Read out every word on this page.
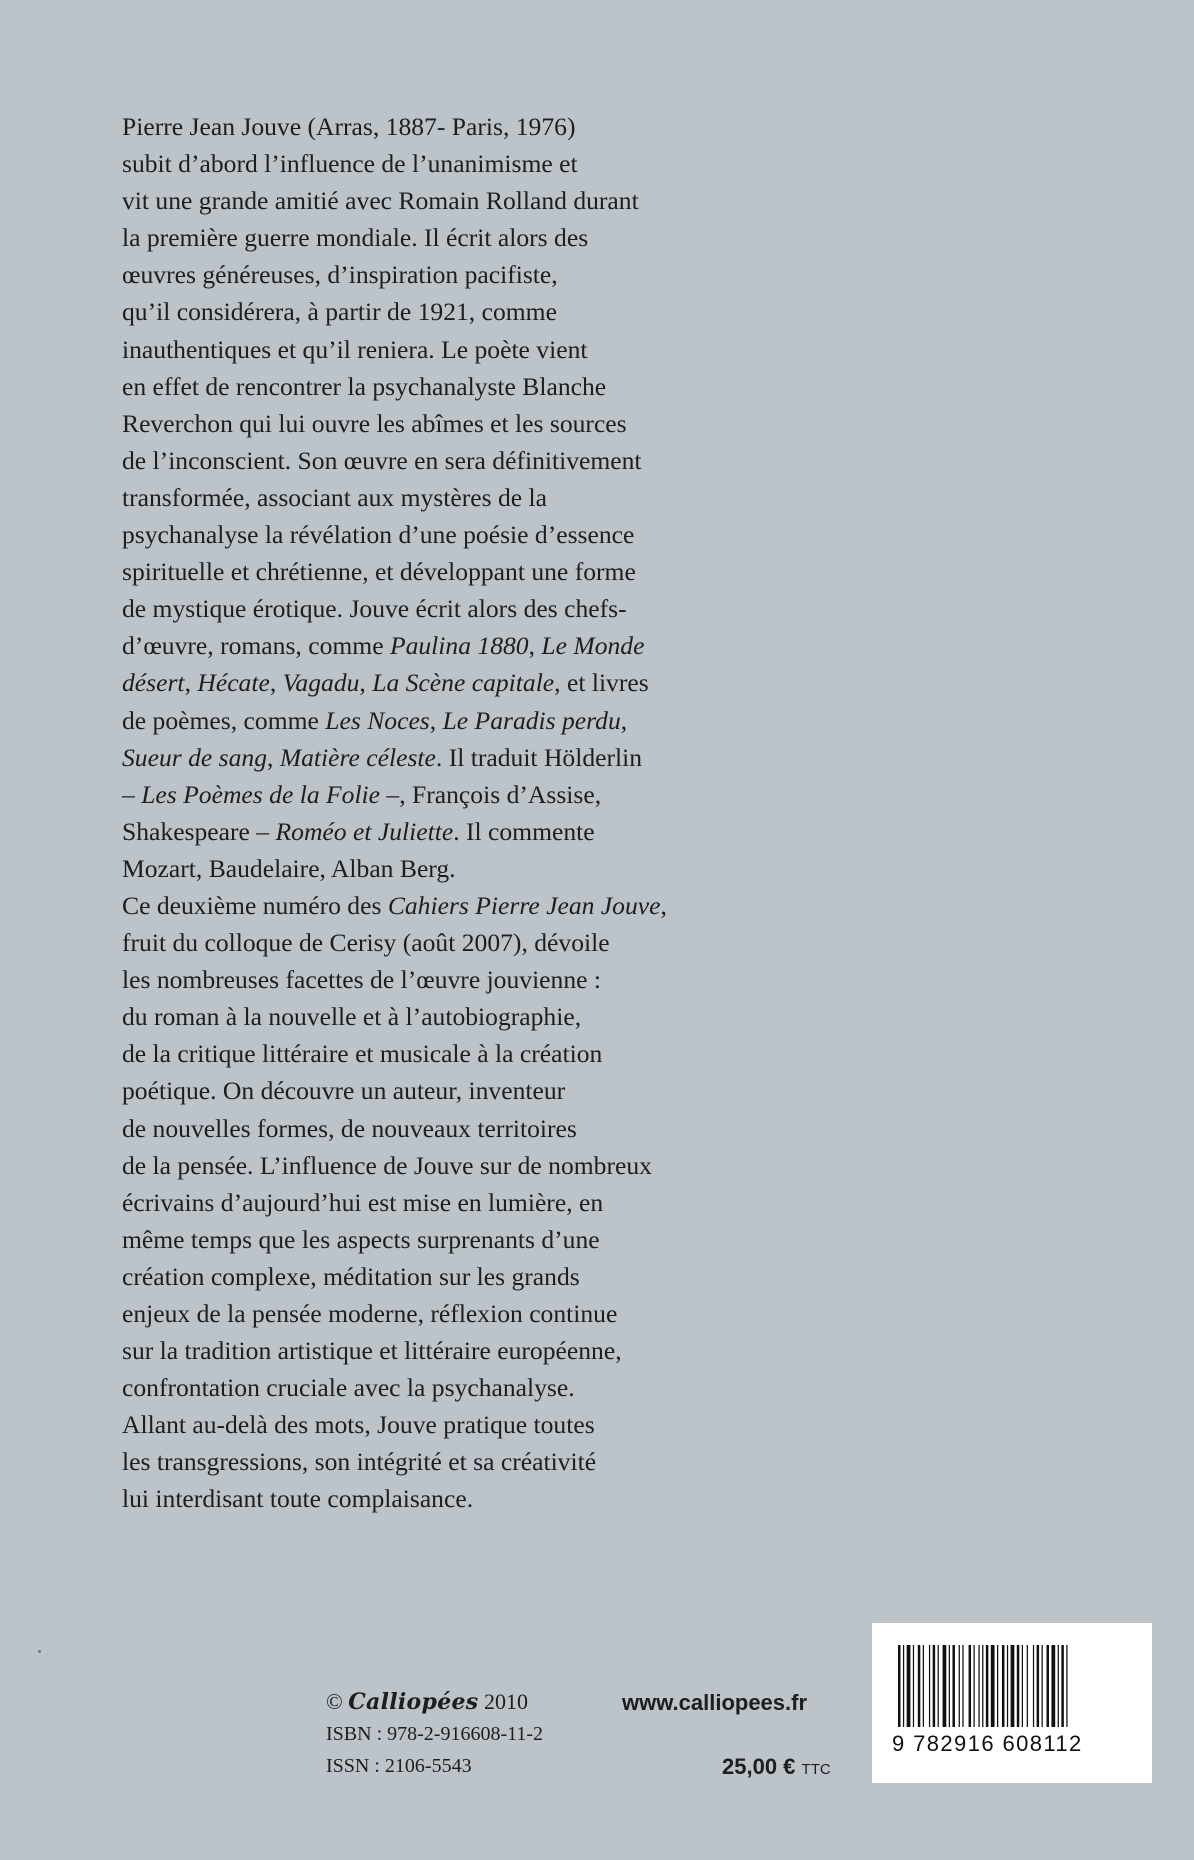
Pierre Jean Jouve (Arras, 1887- Paris, 1976)
subit d’abord l’influence de l’unanimisme et
vit une grande amitié avec Romain Rolland durant
la première guerre mondiale. Il écrit alors des
œuvres généreuses, d’inspiration pacifiste,
qu’il considérera, à partir de 1921, comme
inauthentiques et qu’il reniera. Le poète vient
en effet de rencontrer la psychanalyste Blanche
Reverchon qui lui ouvre les abîmes et les sources
de l’inconscient. Son œuvre en sera définitivement
transformée, associant aux mystères de la
psychanalyse la révélation d’une poésie d’essence
spirituelle et chrétienne, et développant une forme
de mystique érotique. Jouve écrit alors des chefs-
d’œuvre, romans, comme Paulina 1880, Le Monde
désert, Hécate, Vagadu, La Scène capitale, et livres
de poèmes, comme Les Noces, Le Paradis perdu,
Sueur de sang, Matière céleste. Il traduit Hölderlin
– Les Poèmes de la Folie –, François d’Assise,
Shakespeare – Roméo et Juliette. Il commente
Mozart, Baudelaire, Alban Berg.
Ce deuxième numéro des Cahiers Pierre Jean Jouve,
fruit du colloque de Cerisy (août 2007), dévoile
les nombreuses facettes de l’œuvre jouvienne :
du roman à la nouvelle et à l’autobiographie,
de la critique littéraire et musicale à la création
poétique. On découvre un auteur, inventeur
de nouvelles formes, de nouveaux territoires
de la pensée. L’influence de Jouve sur de nombreux
écrivains d’aujourd’hui est mise en lumière, en
même temps que les aspects surprenants d’une
création complexe, méditation sur les grands
enjeux de la pensée moderne, réflexion continue
sur la tradition artistique et littéraire européenne,
confrontation cruciale avec la psychanalyse.
Allant au-delà des mots, Jouve pratique toutes
les transgressions, son intégrité et sa créativité
lui interdisant toute complaisance.
© Calliopées 2010
ISBN : 978-2-916608-11-2
ISSN : 2106-5543
www.calliopees.fr
25,00 € TTC
9 782916 608112
